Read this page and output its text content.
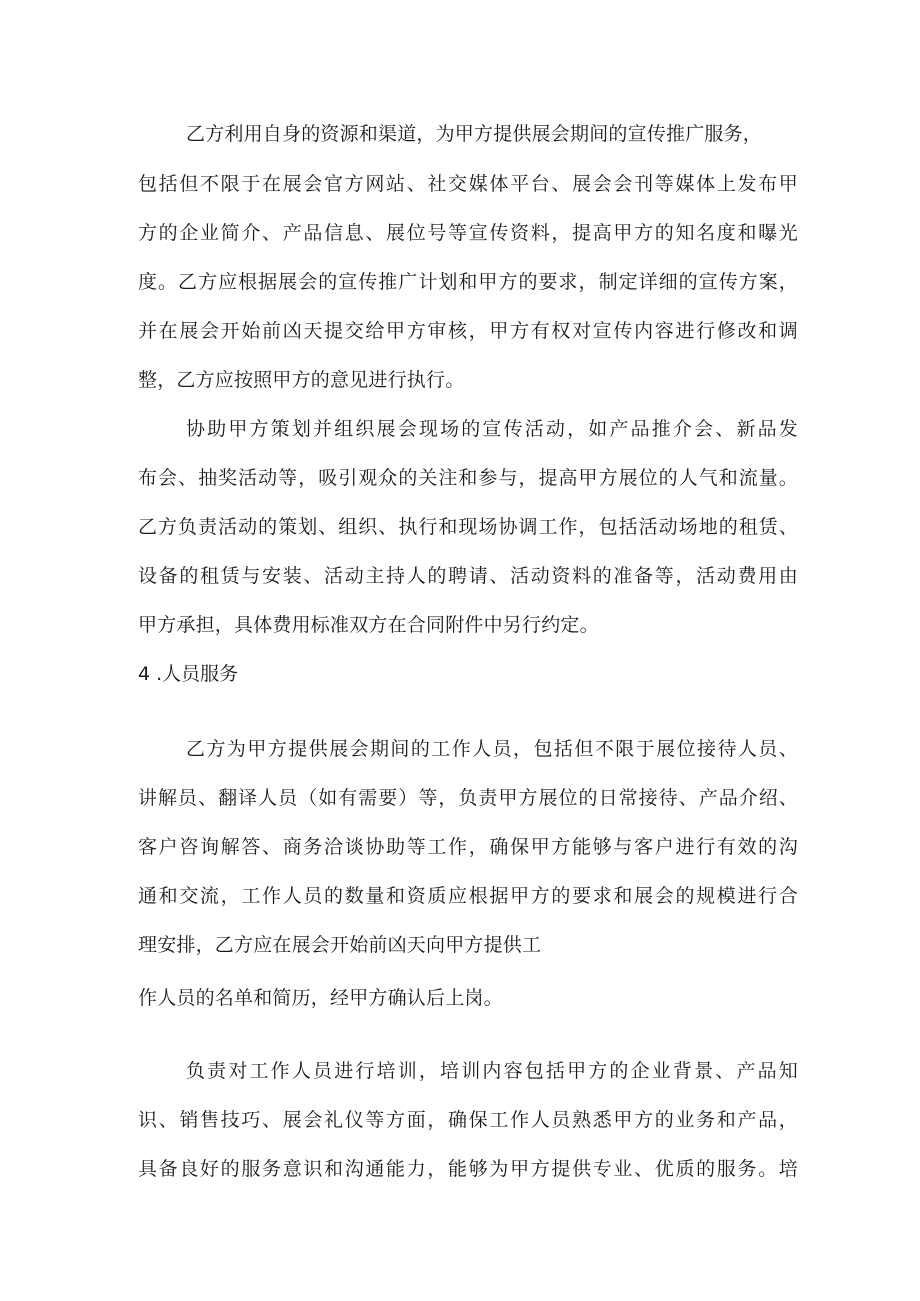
乙方利用自身的资源和渠道，为甲方提供展会期间的宣传推广服务，

包括但不限于在展会官方网站、社交媒体平台、展会会刊等媒体上发布甲

方的企业简介、产品信息、展位号等宣传资料，提高甲方的知名度和曝光

度。乙方应根据展会的宣传推广计划和甲方的要求，制定详细的宣传方案，

并在展会开始前凶天提交给甲方审核，甲方有权对宣传内容进行修改和调

整，乙方应按照甲方的意见进行执行。

协助甲方策划并组织展会现场的宣传活动，如产品推介会、新品发

布会、抽奖活动等，吸引观众的关注和参与，提高甲方展位的人气和流量。

乙方负责活动的策划、组织、执行和现场协调工作，包括活动场地的租赁、

设备的租赁与安装、活动主持人的聘请、活动资料的准备等，活动费用由

甲方承担，具体费用标准双方在合同附件中另行约定。

4 .人员服务

乙方为甲方提供展会期间的工作人员，包括但不限于展位接待人员、

讲解员、翻译人员（如有需要）等，负责甲方展位的日常接待、产品介绍、

客户咨询解答、商务洽谈协助等工作，确保甲方能够与客户进行有效的沟

通和交流，工作人员的数量和资质应根据甲方的要求和展会的规模进行合

理安排，乙方应在展会开始前凶天向甲方提供工

作人员的名单和简历，经甲方确认后上岗。

负责对工作人员进行培训，培训内容包括甲方的企业背景、产品知

识、销售技巧、展会礼仪等方面，确保工作人员熟悉甲方的业务和产品，

具备良好的服务意识和沟通能力，能够为甲方提供专业、优质的服务。培
